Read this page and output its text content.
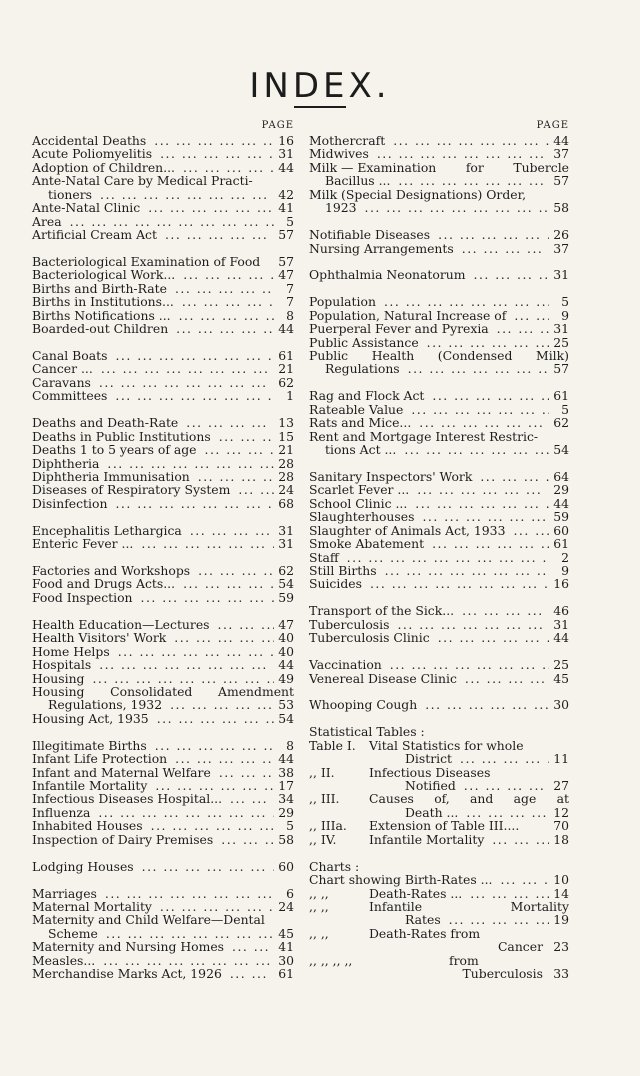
INDEX.
PAGE
Accidental Deaths ... .	16
Acute Poliomyelitis ... .	31
Adoption of Children... ... .	44
Ante-Natal Care by Medical Practi-
tioners ... .	42
Ante-Natal Clinic ... .	41
Area ... .	5
Artificial Cream Act ... .	57
Bacteriological Examination of Food	57
Bacteriological Work... ... .	47
Births and Birth-Rate ... .	7
Births in Institutions... ... .	7
Births Notifications ... ... .	8
Boarded-out Children ... .	44
Canal Boats ... .	61
Cancer ... ... .	21
Caravans ... .	62
Committees ... .	1
Deaths and Death-Rate ... .	13
Deaths in Public Institutions ... .	15
Deaths 1 to 5 years of age ... .	21
Diphtheria ... .	28
Diphtheria Immunisation ... .	28
Diseases of Respiratory System ... .	24
Disinfection ... .	68
Encephalitis Lethargica ... .	31
Enteric Fever ... ... .	31
Factories and Workshops ... .	62
Food and Drugs Acts... ... .	54
Food Inspection ... .	59
Health Education—Lectures ... .	47
Health Visitors' Work ... .	40
Home Helps ... .	40
Hospitals ... .	44
Housing ... .	49
Housing Consolidated Amendment
Regulations, 1932 ... .	53
Housing Act, 1935 ... .	54
Illegitimate Births ... .	8
Infant Life Protection ... .	44
Infant and Maternal Welfare ... .	38
Infantile Mortality ... .	17
Infectious Diseases Hospital... ... .	34
Influenza ... .	29
Inhabited Houses ... .	5
Inspection of Dairy Premises ... .	58
Lodging Houses ... .	60
Marriages ... .	6
Maternal Mortality ... .	24
Maternity and Child Welfare—Dental
Scheme ... .	45
Maternity and Nursing Homes ... .	41
Measles... ... .	30
Merchandise Marks Act, 1926 ... .	61
PAGE
Mothercraft ... .	44
Midwives ... .	37
Milk — Examination for Tubercle
Bacillus ... ... .	57
Milk (Special Designations) Order,
1923 ... .	58
Notifiable Diseases ... .	26
Nursing Arrangements ... .	37
Ophthalmia Neonatorum ... .	31
Population ... .	5
Population, Natural Increase of ... .	9
Puerperal Fever and Pyrexia ... .	31
Public Assistance ... .	25
Public Health (Condensed Milk)
Regulations ... .	57
Rag and Flock Act ... .	61
Rateable Value ... .	5
Rats and Mice... ... .	62
Rent and Mortgage Interest Restric-
tions Act ... ... .	54
Sanitary Inspectors' Work ... .	64
Scarlet Fever ... ... .	29
School Clinic ... ... .	44
Slaughterhouses ... .	59
Slaughter of Animals Act, 1933 ... .	60
Smoke Abatement ... .	61
Staff ... .	2
Still Births ... .	9
Suicides ... .	16
Transport of the Sick... ... .	46
Tuberculosis ... .	31
Tuberculosis Clinic ... .	44
Vaccination ... .	25
Venereal Disease Clinic ... .	45
Whooping Cough ... .	30
Statistical Tables :
Table I.	Vital Statistics for whole
District ... .	11
,, II.	Infectious Diseases
Notified ... .	27
,, III.	Causes of, and age at
Death ... ... .	12
,, IIIa.	Extension of Table III....	70
,, IV.	Infantile Mortality ... .	18
Charts :
Chart showing Birth-Rates ... ... .	10
,, ,,	Death-Rates ... ... .	14
,, ,,	Infantile	Mortality
Rates ... .	19
,, ,,	Death-Rates from
Cancer 23
,, ,, ,, ,,	from
Tuberculosis 33
